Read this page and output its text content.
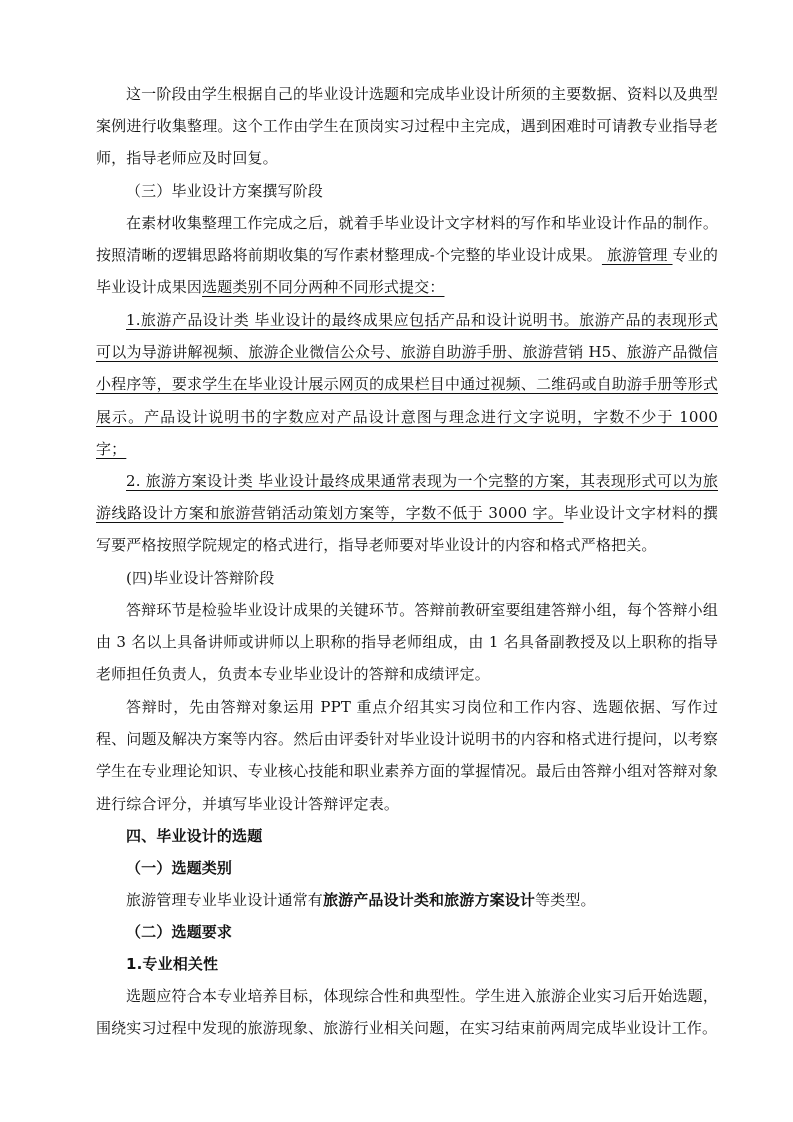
这一阶段由学生根据自己的毕业设计选题和完成毕业设计所须的主要数据、资料以及典型案例进行收集整理。这个工作由学生在顶岗实习过程中主完成，遇到困难时可请教专业指导老师，指导老师应及时回复。

（三）毕业设计方案撰写阶段

在素材收集整理工作完成之后，就着手毕业设计文字材料的写作和毕业设计作品的制作。按照清晰的逻辑思路将前期收集的写作素材整理成-个完整的毕业设计成果。 旅游管理 专业的毕业设计成果因选题类别不同分两种不同形式提交：

1.旅游产品设计类 毕业设计的最终成果应包括产品和设计说明书。旅游产品的表现形式可以为导游讲解视频、旅游企业微信公众号、旅游自助游手册、旅游营销 H5、旅游产品微信小程序等，要求学生在毕业设计展示网页的成果栏目中通过视频、二维码或自助游手册等形式展示。产品设计说明书的字数应对产品设计意图与理念进行文字说明，字数不少于 1000 字；

2. 旅游方案设计类 毕业设计最终成果通常表现为一个完整的方案，其表现形式可以为旅游线路设计方案和旅游营销活动策划方案等，字数不低于 3000 字。毕业设计文字材料的撰写要严格按照学院规定的格式进行，指导老师要对毕业设计的内容和格式严格把关。

(四)毕业设计答辩阶段

答辩环节是检验毕业设计成果的关键环节。答辩前教研室要组建答辩小组，每个答辩小组由 3 名以上具备讲师或讲师以上职称的指导老师组成，由 1 名具备副教授及以上职称的指导老师担任负责人，负责本专业毕业设计的答辩和成绩评定。

答辩时，先由答辩对象运用 PPT 重点介绍其实习岗位和工作内容、选题依据、写作过程、问题及解决方案等内容。然后由评委针对毕业设计说明书的内容和格式进行提问，以考察学生在专业理论知识、专业核心技能和职业素养方面的掌握情况。最后由答辩小组对答辩对象进行综合评分，并填写毕业设计答辩评定表。

四、毕业设计的选题

（一）选题类别

旅游管理专业毕业设计通常有旅游产品设计类和旅游方案设计等类型。

（二）选题要求

1.专业相关性

选题应符合本专业培养目标，体现综合性和典型性。学生进入旅游企业实习后开始选题，围绕实习过程中发现的旅游现象、旅游行业相关问题，在实习结束前两周完成毕业设计工作。
